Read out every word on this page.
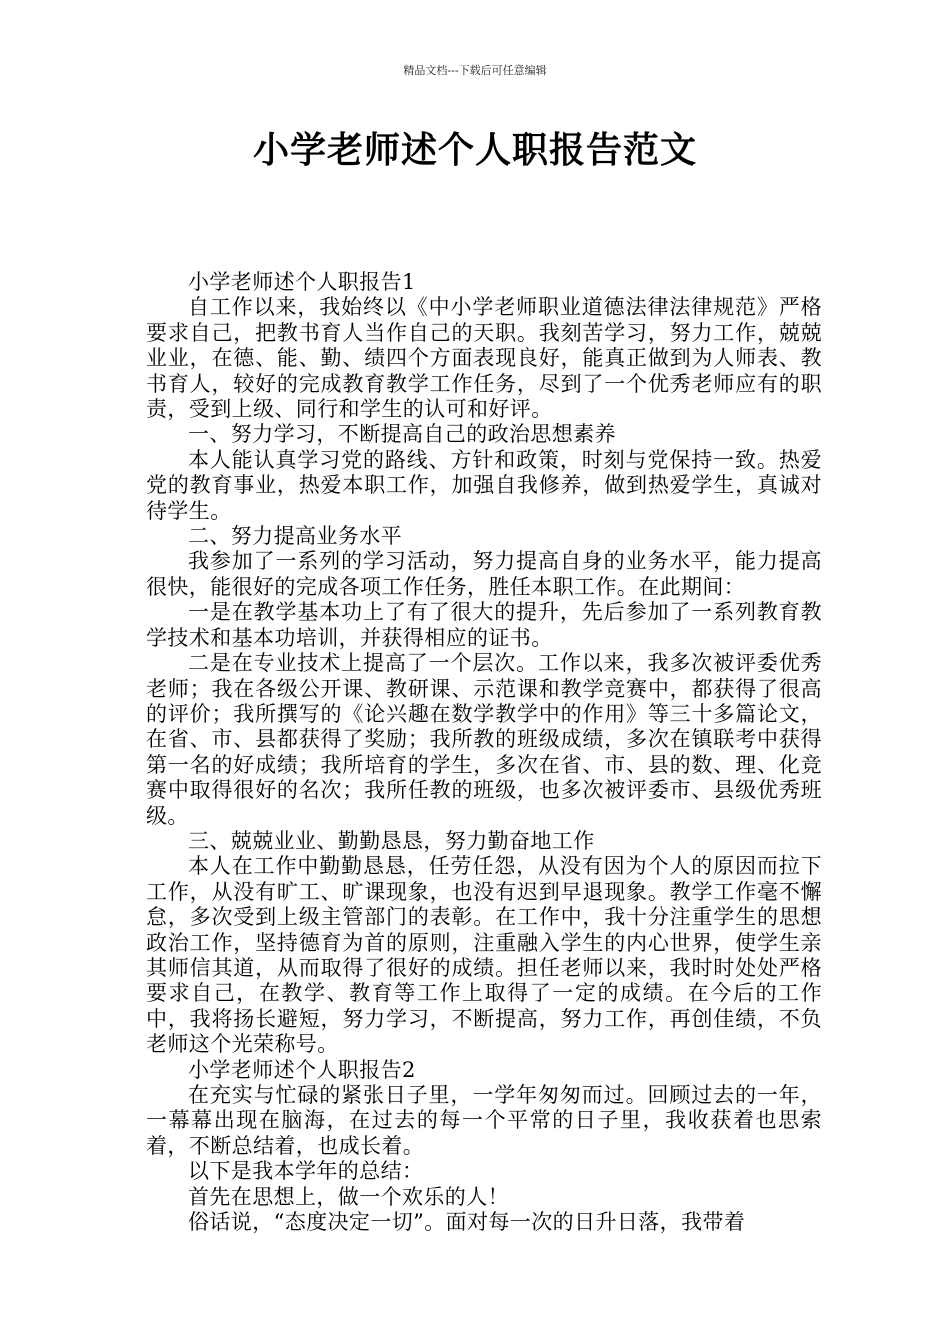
精品文档---下载后可任意编辑
小学老师述个人职报告范文

小学老师述个人职报告1

自工作以来，我始终以《中小学老师职业道德法律法律规范》严格要求自己，把教书育人当作自己的天职。我刻苦学习，努力工作，兢兢业业，在德、能、勤、绩四个方面表现良好，能真正做到为人师表、教书育人，较好的完成教育教学工作任务，尽到了一个优秀老师应有的职责，受到上级、同行和学生的认可和好评。

一、努力学习，不断提高自己的政治思想素养

本人能认真学习党的路线、方针和政策，时刻与党保持一致。热爱党的教育事业，热爱本职工作，加强自我修养，做到热爱学生，真诚对待学生。

二、努力提高业务水平

我参加了一系列的学习活动，努力提高自身的业务水平，能力提高很快，能很好的完成各项工作任务，胜任本职工作。在此期间：

一是在教学基本功上了有了很大的提升，先后参加了一系列教育教学技术和基本功培训，并获得相应的证书。

二是在专业技术上提高了一个层次。工作以来，我多次被评委优秀老师；我在各级公开课、教研课、示范课和教学竞赛中，都获得了很高的评价；我所撰写的《论兴趣在数学教学中的作用》等三十多篇论文，在省、市、县都获得了奖励；我所教的班级成绩，多次在镇联考中获得第一名的好成绩；我所培育的学生，多次在省、市、县的数、理、化竞赛中取得很好的名次；我所任教的班级，也多次被评委市、县级优秀班级。

三、兢兢业业、勤勤恳恳，努力勤奋地工作

本人在工作中勤勤恳恳，任劳任怨，从没有因为个人的原因而拉下工作，从没有旷工、旷课现象，也没有迟到早退现象。教学工作毫不懈怠，多次受到上级主管部门的表彰。在工作中，我十分注重学生的思想政治工作，坚持德育为首的原则，注重融入学生的内心世界，使学生亲其师信其道，从而取得了很好的成绩。担任老师以来，我时时处处严格要求自己，在教学、教育等工作上取得了一定的成绩。在今后的工作中，我将扬长避短，努力学习，不断提高，努力工作，再创佳绩，不负老师这个光荣称号。

小学老师述个人职报告2

在充实与忙碌的紧张日子里，一学年匆匆而过。回顾过去的一年，一幕幕出现在脑海，在过去的每一个平常的日子里，我收获着也思索着，不断总结着，也成长着。

以下是我本学年的总结：

首先在思想上，做一个欢乐的人！

俗话说，“态度决定一切”。面对每一次的日升日落，我带着
